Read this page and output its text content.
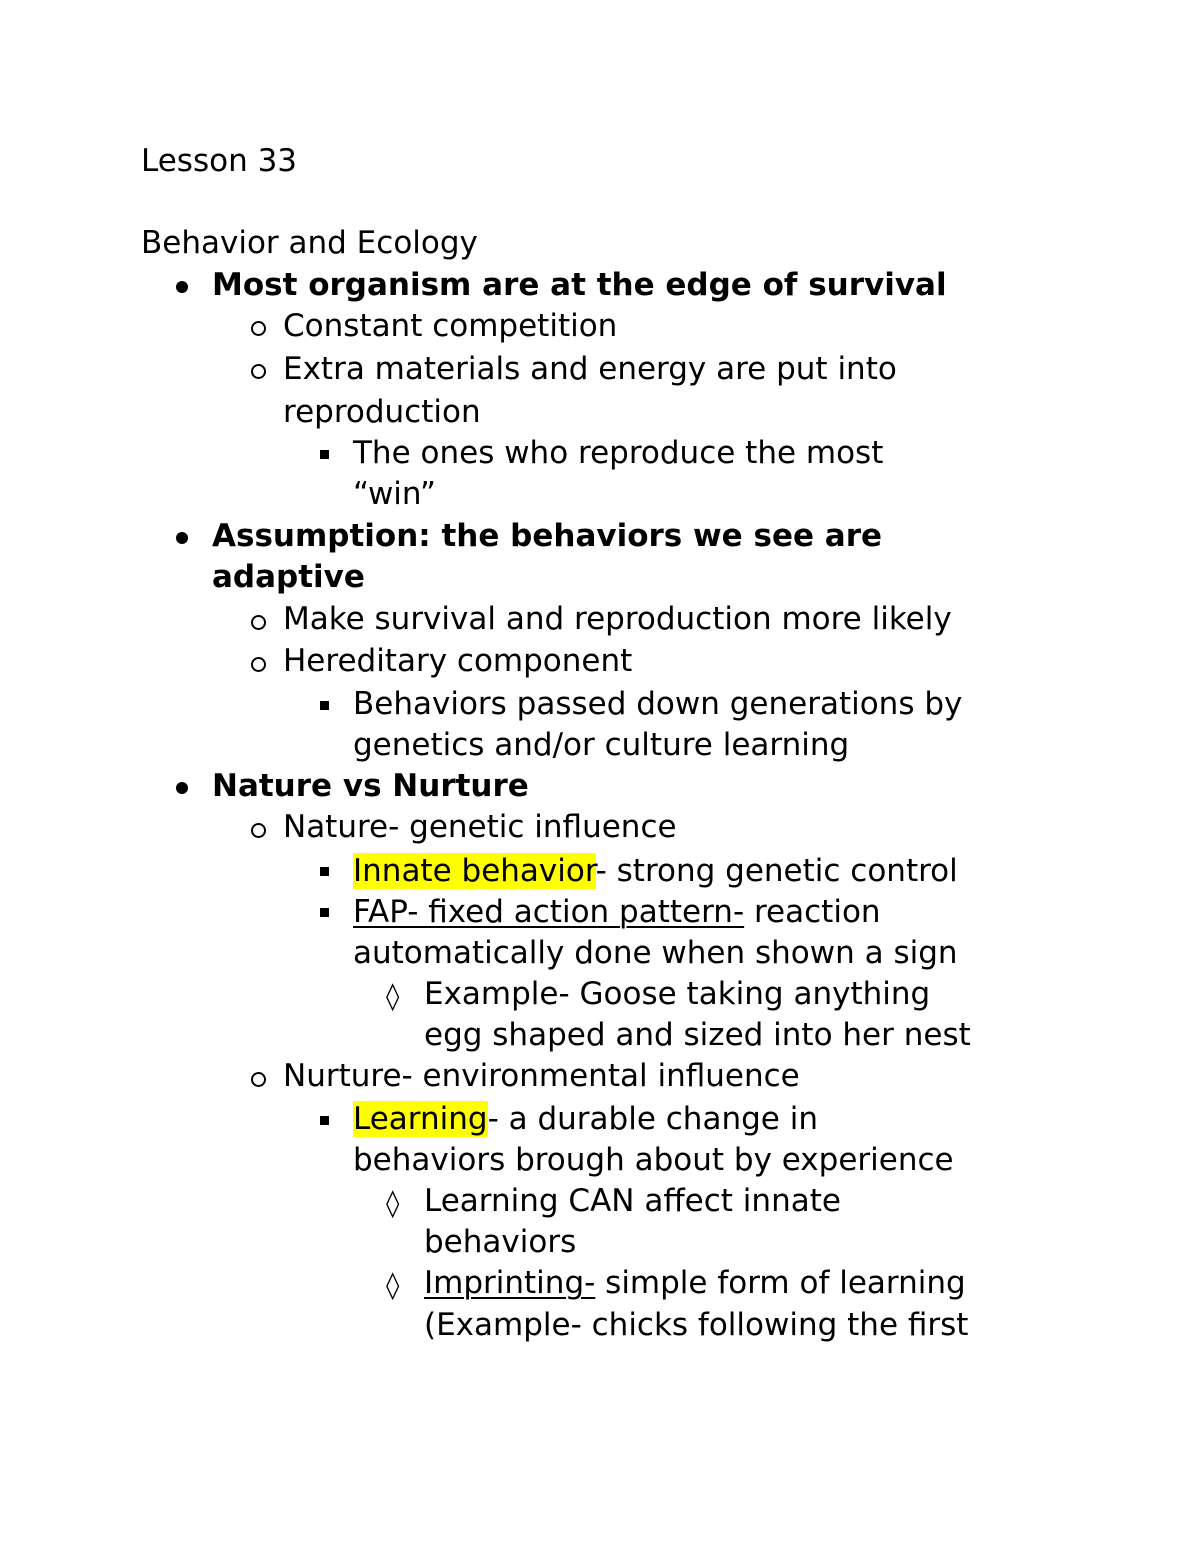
Lesson 33
Behavior and Ecology
Most organism are at the edge of survival
Constant competition
Extra materials and energy are put into
reproduction
The ones who reproduce the most
“win”
Assumption: the behaviors we see are
adaptive
Make survival and reproduction more likely
Hereditary component
Behaviors passed down generations by
genetics and/or culture learning
Nature vs Nurture
Nature- genetic influence
Innate behavior- strong genetic control
FAP- fixed action pattern- reaction
automatically done when shown a sign
◊ Example- Goose taking anything
egg shaped and sized into her nest
Nurture- environmental influence
Learning- a durable change in
behaviors brough about by experience
◊ Learning CAN affect innate
behaviors
◊ Imprinting- simple form of learning
(Example- chicks following the first
